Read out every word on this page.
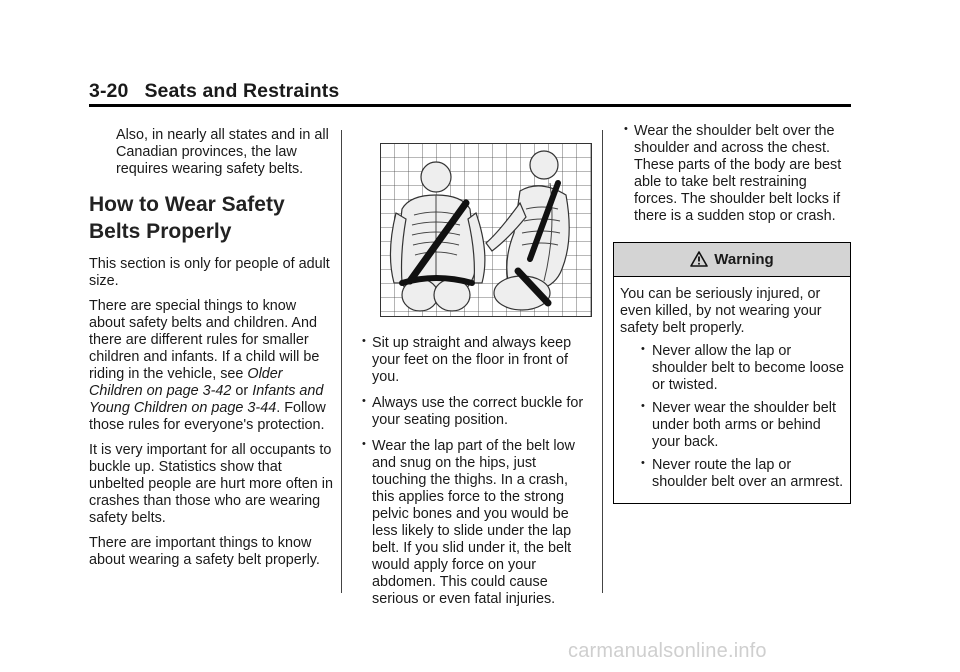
3-20 Seats and Restraints

Also, in nearly all states and in all Canadian provinces, the law requires wearing safety belts.

How to Wear Safety Belts Properly

This section is only for people of adult size.

There are special things to know about safety belts and children. And there are different rules for smaller children and infants. If a child will be riding in the vehicle, see Older Children on page 3-42 or Infants and Young Children on page 3-44. Follow those rules for everyone's protection.

It is very important for all occupants to buckle up. Statistics show that unbelted people are hurt more often in crashes than those who are wearing safety belts.

There are important things to know about wearing a safety belt properly.

• Sit up straight and always keep your feet on the floor in front of you.
• Always use the correct buckle for your seating position.
• Wear the lap part of the belt low and snug on the hips, just touching the thighs. In a crash, this applies force to the strong pelvic bones and you would be less likely to slide under the lap belt. If you slid under it, the belt would apply force on your abdomen. This could cause serious or even fatal injuries.
• Wear the shoulder belt over the shoulder and across the chest. These parts of the body are best able to take belt restraining forces. The shoulder belt locks if there is a sudden stop or crash.
Warning

You can be seriously injured, or even killed, by not wearing your safety belt properly.

• Never allow the lap or shoulder belt to become loose or twisted.
• Never wear the shoulder belt under both arms or behind your back.
• Never route the lap or shoulder belt over an armrest.
carmanualsonline.info
